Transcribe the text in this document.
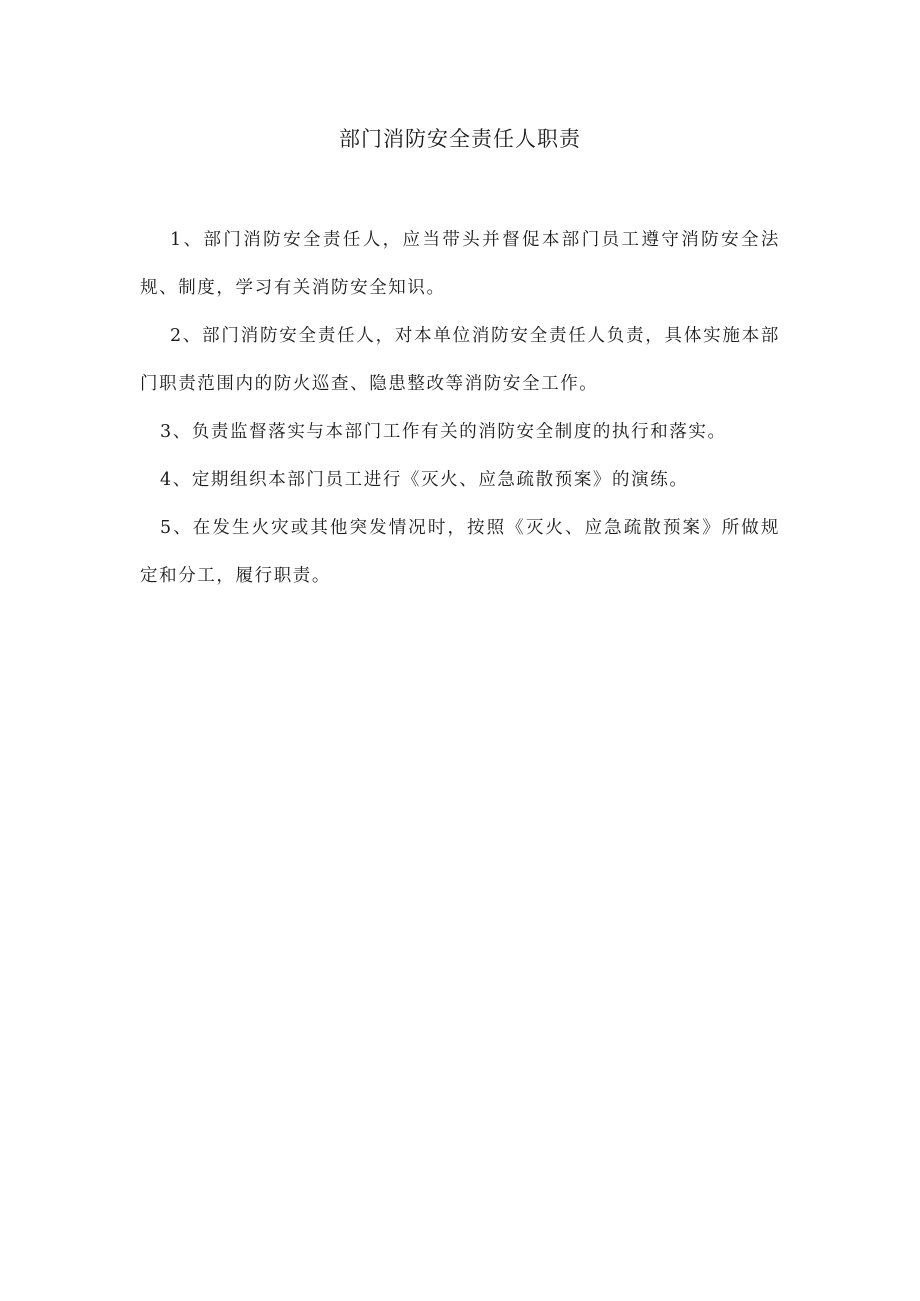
部门消防安全责任人职责

1、部门消防安全责任人，应当带头并督促本部门员工遵守消防安全法规、制度，学习有关消防安全知识。

2、部门消防安全责任人，对本单位消防安全责任人负责，具体实施本部门职责范围内的防火巡查、隐患整改等消防安全工作。

3、负责监督落实与本部门工作有关的消防安全制度的执行和落实。

4、定期组织本部门员工进行《灭火、应急疏散预案》的演练。

5、在发生火灾或其他突发情况时，按照《灭火、应急疏散预案》所做规定和分工，履行职责。
